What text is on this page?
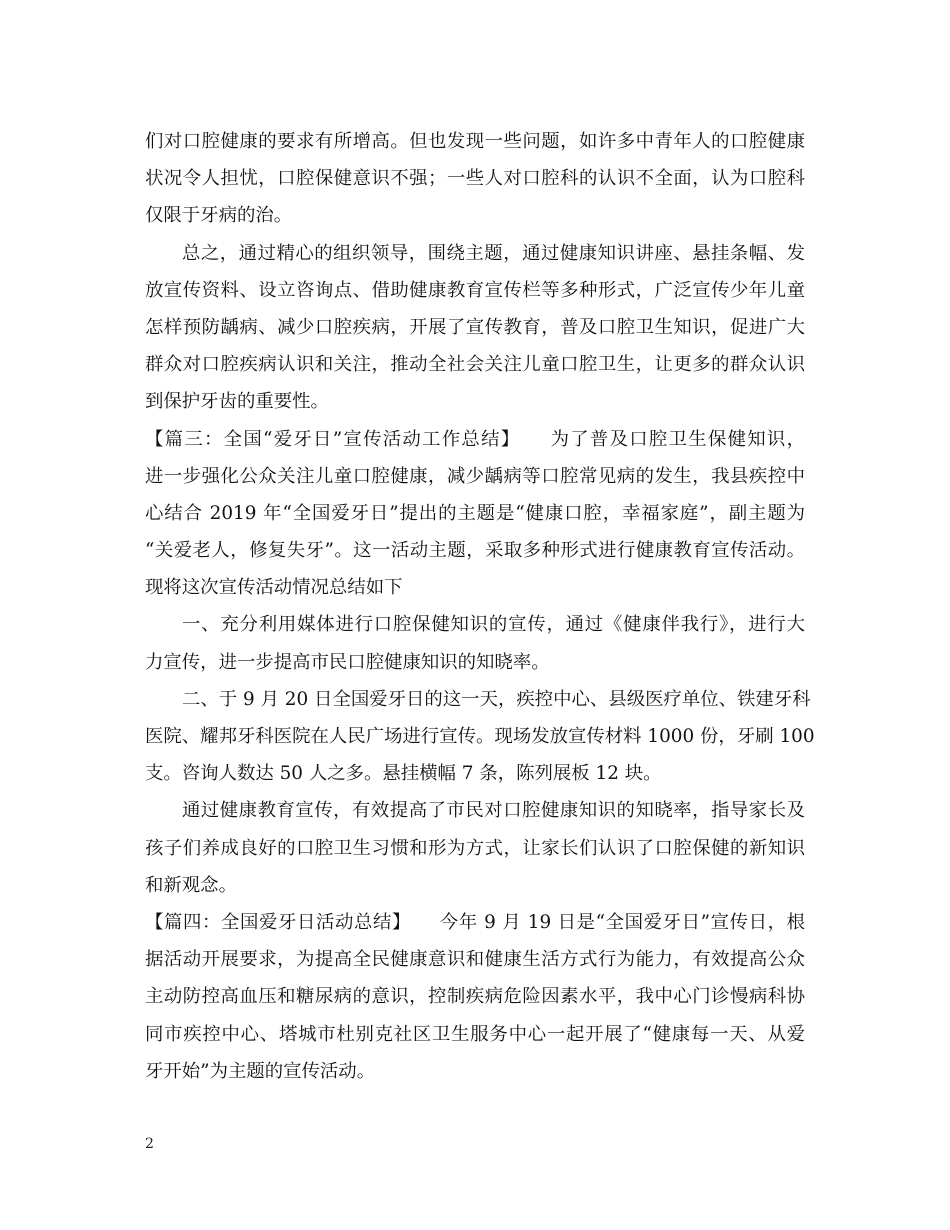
们对口腔健康的要求有所增高。但也发现一些问题，如许多中青年人的口腔健康
状况令人担忧，口腔保健意识不强；一些人对口腔科的认识不全面，认为口腔科
仅限于牙病的治。
总之，通过精心的组织领导，围绕主题，通过健康知识讲座、悬挂条幅、发
放宣传资料、设立咨询点、借助健康教育宣传栏等多种形式，广泛宣传少年儿童
怎样预防龋病、减少口腔疾病，开展了宣传教育，普及口腔卫生知识，促进广大
群众对口腔疾病认识和关注，推动全社会关注儿童口腔卫生，让更多的群众认识
到保护牙齿的重要性。
【篇三：全国“爱牙日”宣传活动工作总结】　　为了普及口腔卫生保健知识，
进一步强化公众关注儿童口腔健康，减少龋病等口腔常见病的发生，我县疾控中
心结合 2019 年“全国爱牙日”提出的主题是“健康口腔，幸福家庭”，副主题为
“关爱老人，修复失牙”。这一活动主题，采取多种形式进行健康教育宣传活动。
现将这次宣传活动情况总结如下
一、充分利用媒体进行口腔保健知识的宣传，通过《健康伴我行》，进行大
力宣传，进一步提高市民口腔健康知识的知晓率。
二、于 9 月 20 日全国爱牙日的这一天，疾控中心、县级医疗单位、铁建牙科
医院、耀邦牙科医院在人民广场进行宣传。现场发放宣传材料 1000 份，牙刷 100
支。咨询人数达 50 人之多。悬挂横幅 7 条，陈列展板 12 块。
通过健康教育宣传，有效提高了市民对口腔健康知识的知晓率，指导家长及
孩子们养成良好的口腔卫生习惯和形为方式，让家长们认识了口腔保健的新知识
和新观念。
【篇四：全国爱牙日活动总结】　　今年 9 月 19 日是“全国爱牙日”宣传日，根
据活动开展要求，为提高全民健康意识和健康生活方式行为能力，有效提高公众
主动防控高血压和糖尿病的意识，控制疾病危险因素水平，我中心门诊慢病科协
同市疾控中心、塔城市杜别克社区卫生服务中心一起开展了“健康每一天、从爱
牙开始”为主题的宣传活动。
2
